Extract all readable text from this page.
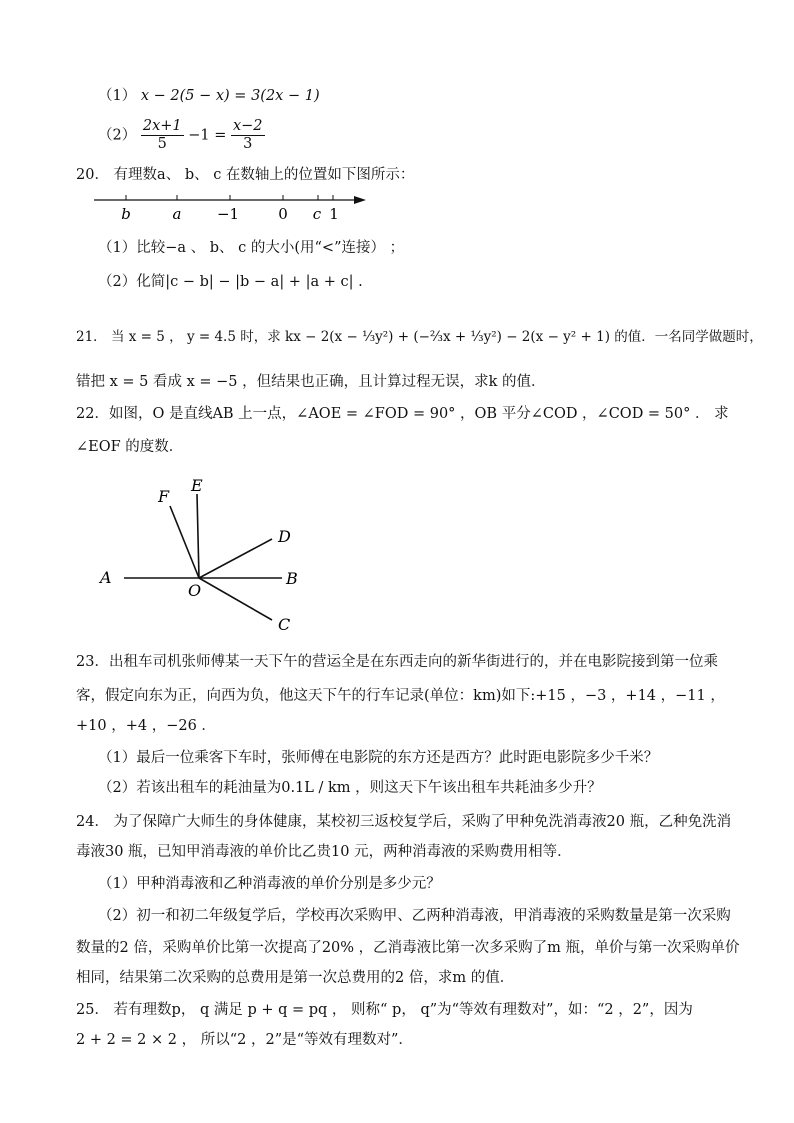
（1） x − 2(5 − x) = 3(2x − 1)
$(2) \frac{2x+1}{5} -1 = \frac{x-2}{3}$
20． 有理数a、 b、 c 在数轴上的位置如下图所示：
b	a −1	0 c 1
（1）比较−a 、 b、 c 的大小(用“<”连接） ；
（2）化简|c − b| − |b − a| + |a + c| .
21． 当 x = 5 ， y = 4.5 时，求 kx − 2(x − ⅓y²) + (−⅔x + ⅓y²) − 2(x − y² + 1) 的值．一名同学做题时，
错把 x = 5 看成 x = −5 ，但结果也正确，且计算过程无误，求k 的值．
22．如图，O 是直线AB 上一点，∠AOE = ∠FOD = 90° ，OB 平分∠COD ，∠COD = 50° ． 求
∠EOF 的度数．
A	B
C
D
E
F
O
23．出租车司机张师傅某一天下午的营运全是在东西走向的新华街进行的，并在电影院接到第一位乘
客，假定向东为正，向西为负，他这天下午的行车记录(单位：km)如下:+15 ，−3 ，+14 ，−11 ，
+10 ，+4 ，−26 ．
（1）最后一位乘客下车时，张师傅在电影院的东方还是西方？此时距电影院多少千米？
（2）若该出租车的耗油量为0.1L / km ，则这天下午该出租车共耗油多少升？
24． 为了保障广大师生的身体健康，某校初三返校复学后，采购了甲种免洗消毒液20 瓶，乙种免洗消
毒液30 瓶，已知甲消毒液的单价比乙贵10 元，两种消毒液的采购费用相等．
（1）甲种消毒液和乙种消毒液的单价分别是多少元？
（2）初一和初二年级复学后，学校再次采购甲、乙两种消毒液，甲消毒液的采购数量是第一次采购
数量的2 倍，采购单价比第一次提高了20% ，乙消毒液比第一次多采购了m 瓶，单价与第一次采购单价
相同，结果第二次采购的总费用是第一次总费用的2 倍，求m 的值．
25． 若有理数p， q 满足 p + q = pq ， 则称“ p， q”为“等效有理数对”，如：“2 ，2”，因为
2 + 2 = 2 × 2 ， 所以“2 ，2”是“等效有理数对”．
